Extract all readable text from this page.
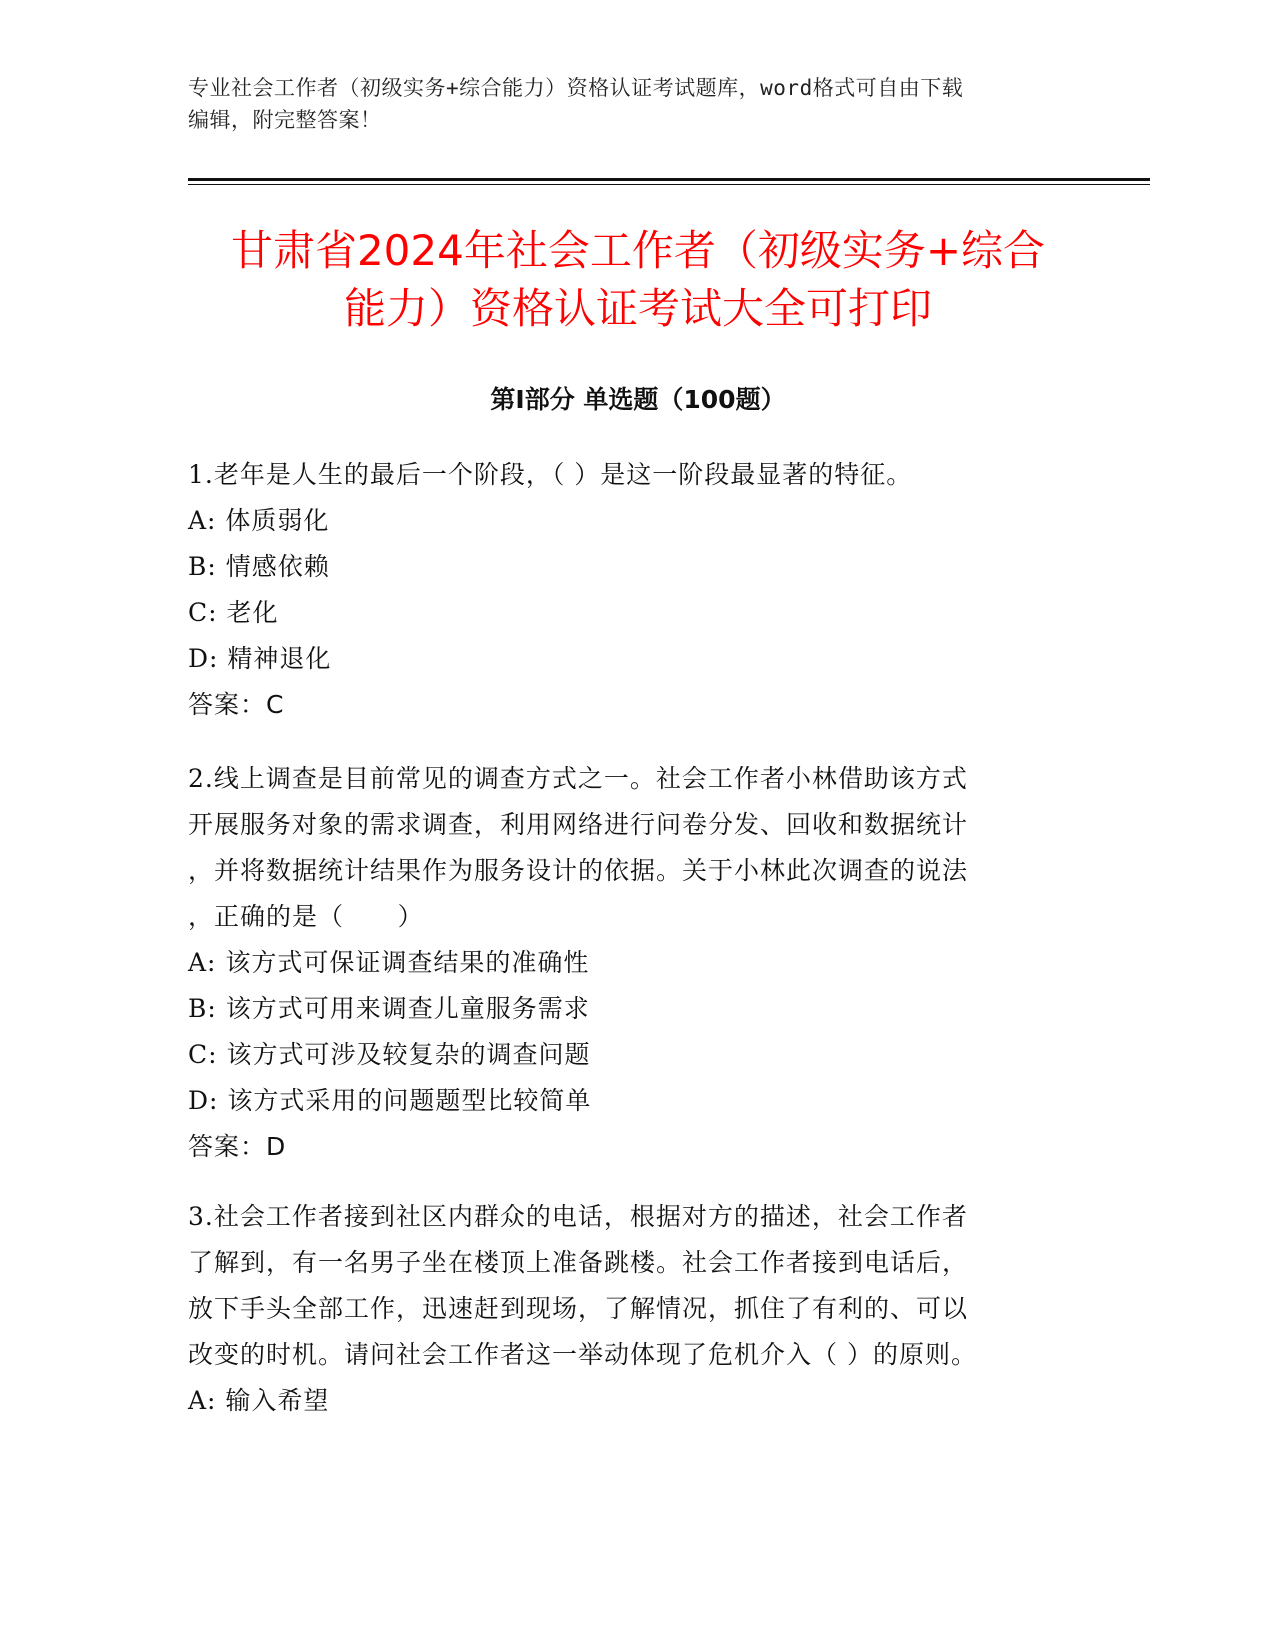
专业社会工作者（初级实务+综合能力）资格认证考试题库，word格式可自由下载
编辑，附完整答案！
甘肃省2024年社会工作者（初级实务+综合
能力）资格认证考试大全可打印
第Ⅰ部分 单选题（100题）
1.老年是人生的最后一个阶段，（ ）是这一阶段最显著的特征。
A: 体质弱化
B: 情感依赖
C: 老化
D: 精神退化
答案：C
2.线上调查是目前常见的调查方式之一。社会工作者小林借助该方式
开展服务对象的需求调查，利用网络进行问卷分发、回收和数据统计
，并将数据统计结果作为服务设计的依据。关于小林此次调查的说法
，正确的是（      ）
A: 该方式可保证调查结果的准确性
B: 该方式可用来调查儿童服务需求
C: 该方式可涉及较复杂的调查问题
D: 该方式采用的问题题型比较简单
答案：D
3.社会工作者接到社区内群众的电话，根据对方的描述，社会工作者
了解到，有一名男子坐在楼顶上准备跳楼。社会工作者接到电话后，
放下手头全部工作，迅速赶到现场，了解情况，抓住了有利的、可以
改变的时机。请问社会工作者这一举动体现了危机介入（ ）的原则。
A: 输入希望
